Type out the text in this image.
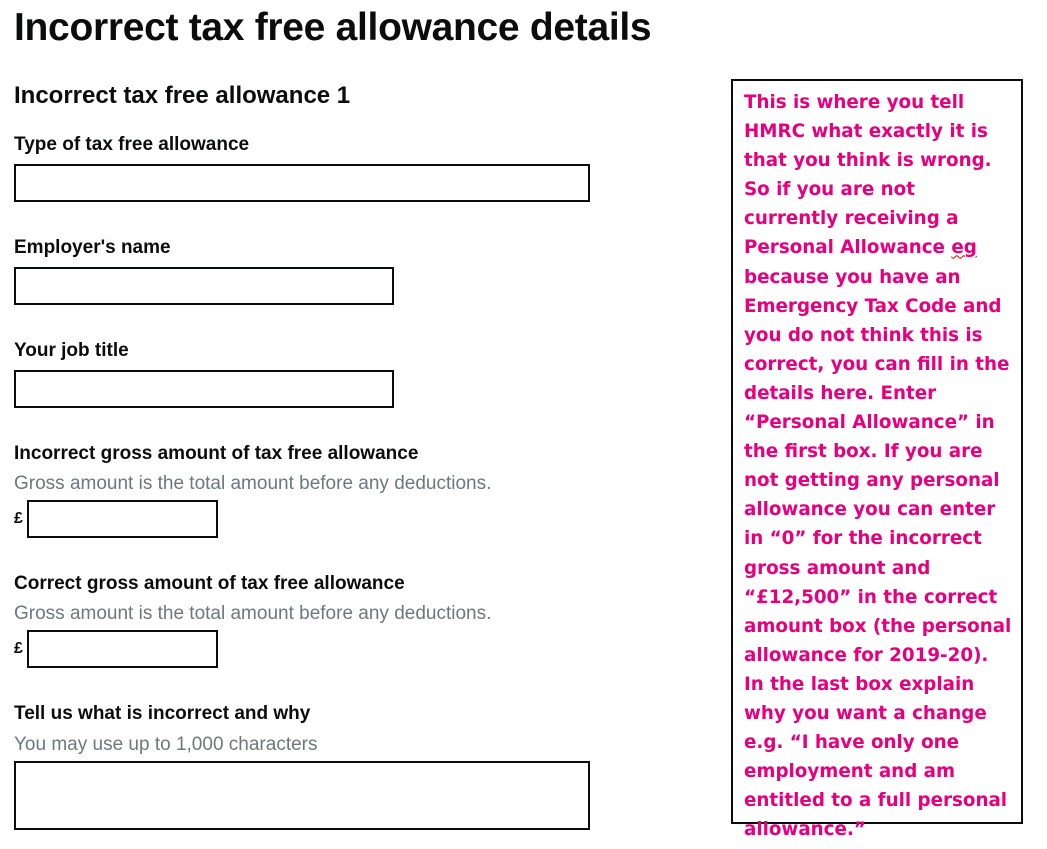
Incorrect tax free allowance details
Incorrect tax free allowance 1
Type of tax free allowance
Employer's name
Your job title
Incorrect gross amount of tax free allowance
Gross amount is the total amount before any deductions.
£
Correct gross amount of tax free allowance
Gross amount is the total amount before any deductions.
£
Tell us what is incorrect and why
You may use up to 1,000 characters
This is where you tell HMRC what exactly it is that you think is wrong. So if you are not currently receiving a Personal Allowance eg because you have an Emergency Tax Code and you do not think this is correct, you can fill in the details here. Enter “Personal Allowance” in the first box. If you are not getting any personal allowance you can enter in “0” for the incorrect gross amount and “£12,500” in the correct amount box (the personal allowance for 2019-20). In the last box explain why you want a change e.g. “I have only one employment and am entitled to a full personal allowance.”
